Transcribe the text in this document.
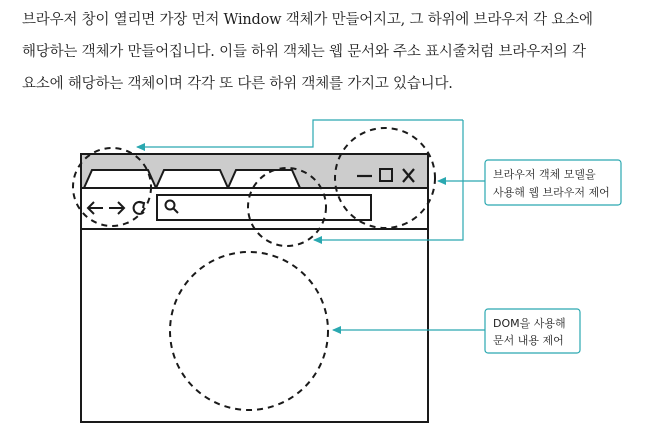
브라우저 창이 열리면 가장 먼저 Window 객체가 만들어지고, 그 하위에 브라우저 각 요소에
해당하는 객체가 만들어집니다. 이들 하위 객체는 웹 문서와 주소 표시줄처럼 브라우저의 각
요소에 해당하는 객체이며 각각 또 다른 하위 객체를 가지고 있습니다.
브라우저 객체 모델을
사용해 웹 브라우저 제어
DOM을 사용해
문서 내용 제어
